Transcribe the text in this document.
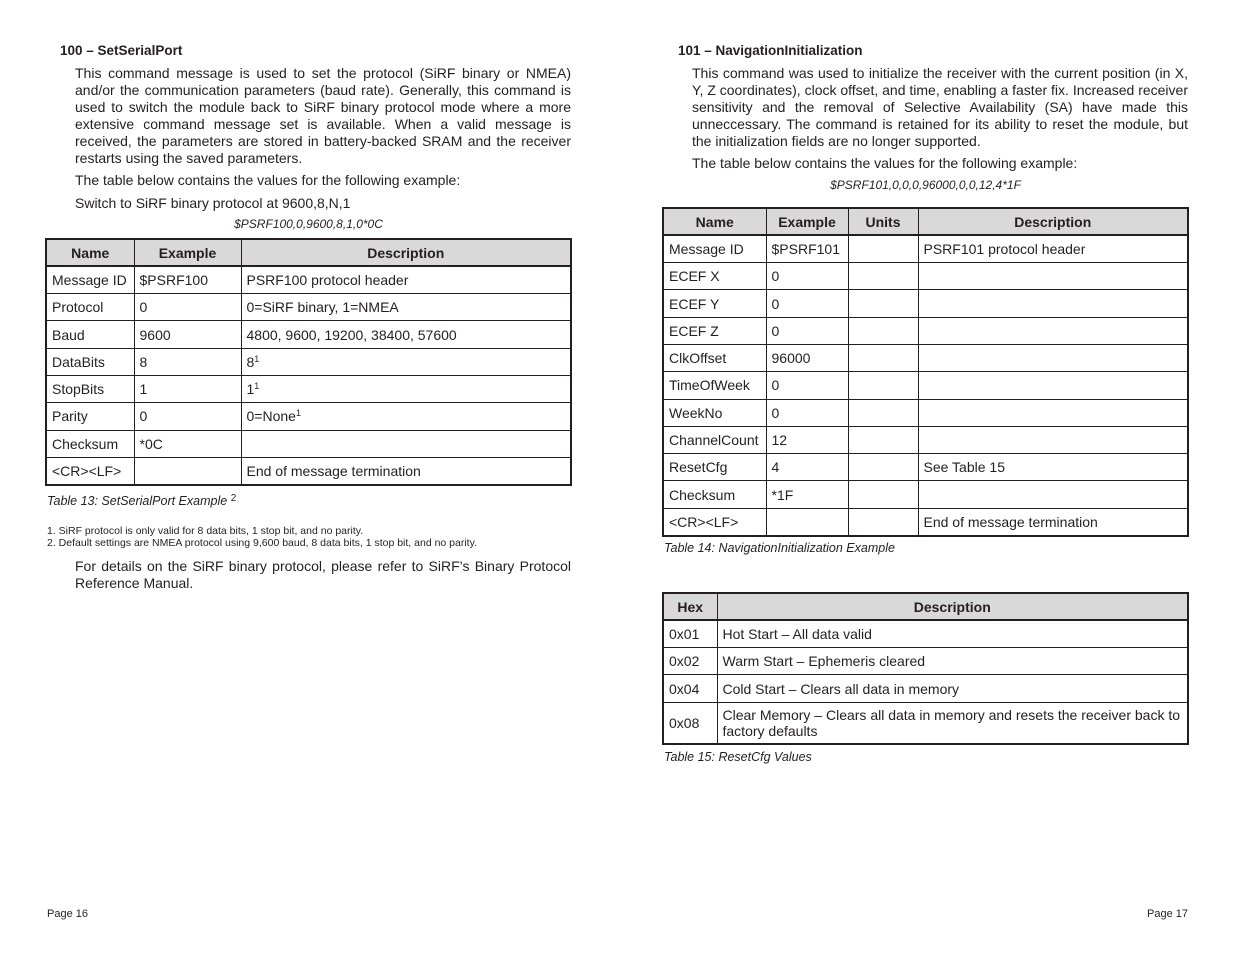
100 – SetSerialPort

This command message is used to set the protocol (SiRF binary or NMEA) and/or the communication parameters (baud rate). Generally, this command is used to switch the module back to SiRF binary protocol mode where a more extensive command message set is available. When a valid message is received, the parameters are stored in battery-backed SRAM and the receiver restarts using the saved parameters.

The table below contains the values for the following example:

Switch to SiRF binary protocol at 9600,8,N,1

$PSRF100,0,9600,8,1,0*0C

Name	Example	Description
Message ID	$PSRF100	PSRF100 protocol header
Protocol	0	0=SiRF binary, 1=NMEA
Baud	9600	4800, 9600, 19200, 38400, 57600
DataBits	8	$8^1$
StopBits	1	$1^1$
Parity	0	0=None$^1$
Checksum	*0C	
<CR><LF>		End of message termination

Table 13: SetSerialPort Example $^2$

1. SiRF protocol is only valid for 8 data bits, 1 stop bit, and no parity.
2. Default settings are NMEA protocol using 9,600 baud, 8 data bits, 1 stop bit, and no parity.

For details on the SiRF binary protocol, please refer to SiRF’s Binary Protocol Reference Manual.

Page 16

101 – NavigationInitialization

This command was used to initialize the receiver with the current position (in X, Y, Z coordinates), clock offset, and time, enabling a faster fix. Increased receiver sensitivity and the removal of Selective Availability (SA) have made this unneccessary. The command is retained for its ability to reset the module, but the initialization fields are no longer supported.

The table below contains the values for the following example:

$PSRF101,0,0,0,96000,0,0,12,4*1F

Name	Example	Units	Description
Message ID	$PSRF101		PSRF101 protocol header
ECEF X	0		
ECEF Y	0		
ECEF Z	0		
ClkOffset	96000		
TimeOfWeek	0		
WeekNo	0		
ChannelCount	12		
ResetCfg	4		See Table 15
Checksum	*1F		
<CR><LF>			End of message termination

Table 14: NavigationInitialization Example

Hex	Description
0x01	Hot Start – All data valid
0x02	Warm Start – Ephemeris cleared
0x04	Cold Start – Clears all data in memory
0x08	Clear Memory – Clears all data in memory and resets the receiver back to factory defaults

Table 15: ResetCfg Values

Page 17
